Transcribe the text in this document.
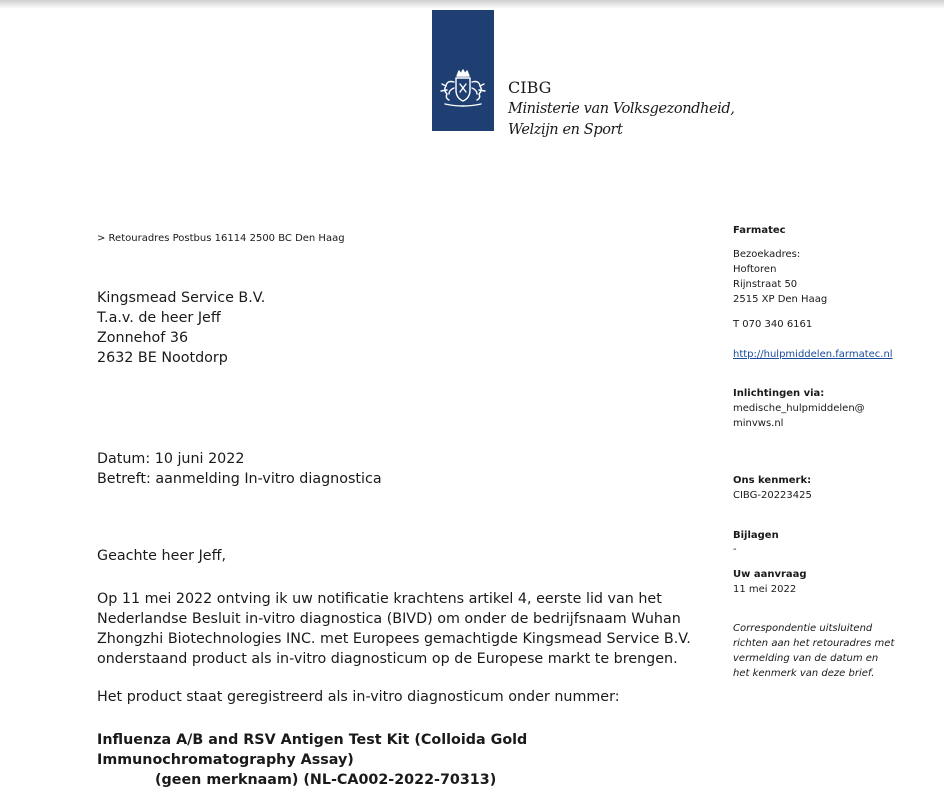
CIBG
Ministerie van Volksgezondheid,
Welzijn en Sport
> Retouradres Postbus 16114 2500 BC Den Haag
Kingsmead Service B.V.
T.a.v. de heer Jeff
Zonnehof 36
2632 BE Nootdorp
Datum: 10 juni 2022
Betreft: aanmelding In-vitro diagnostica
Geachte heer Jeff,
Op 11 mei 2022 ontving ik uw notificatie krachtens artikel 4, eerste lid van het
Nederlandse Besluit in-vitro diagnostica (BIVD) om onder de bedrijfsnaam Wuhan
Zhongzhi Biotechnologies INC. met Europees gemachtigde Kingsmead Service B.V.
onderstaand product als in-vitro diagnosticum op de Europese markt te brengen.
Het product staat geregistreerd als in-vitro diagnosticum onder nummer:
Influenza A/B and RSV Antigen Test Kit (Colloida Gold
Immunochromatography Assay)
(geen merknaam) (NL-CA002-2022-70313)
Farmatec
Bezoekadres:
Hoftoren
Rijnstraat 50
2515 XP Den Haag
T 070 340 6161
http://hulpmiddelen.farmatec.nl
Inlichtingen via:
medische_hulpmiddelen@
minvws.nl
Ons kenmerk:
CIBG-20223425
Bijlagen
-
Uw aanvraag
11 mei 2022
Correspondentie uitsluitend
richten aan het retouradres met
vermelding van de datum en
het kenmerk van deze brief.
